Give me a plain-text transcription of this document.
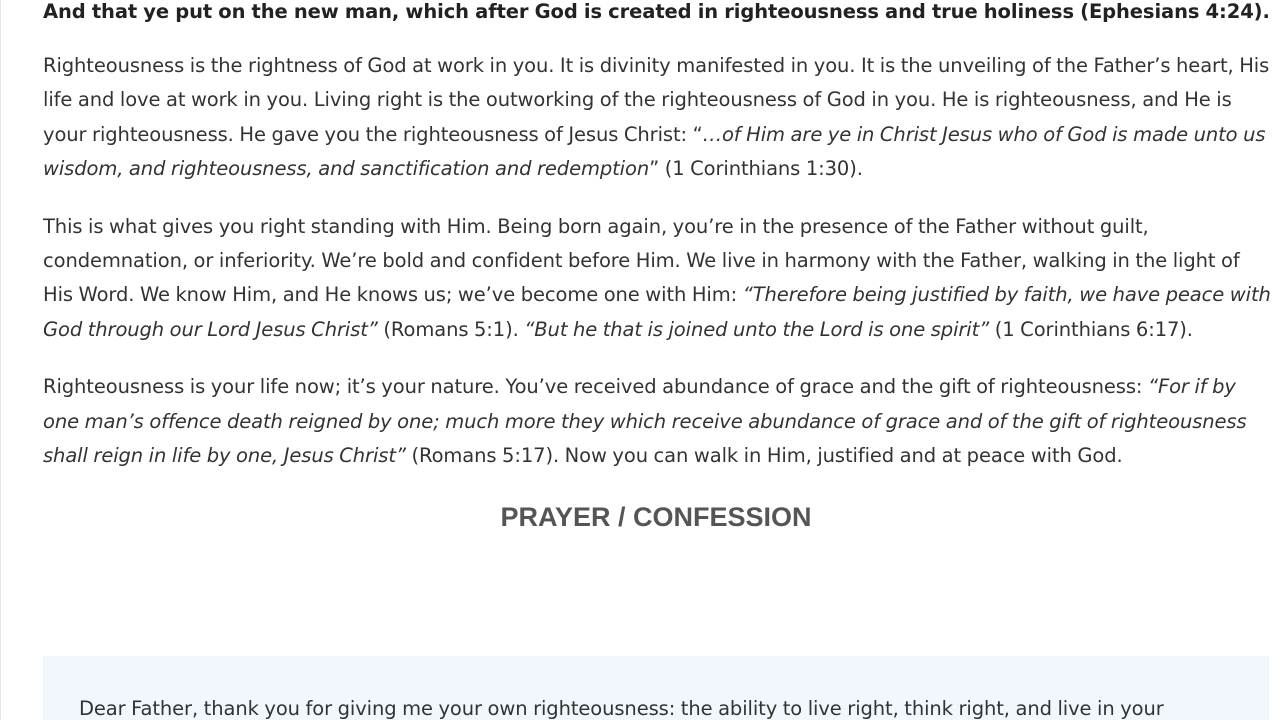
And that ye put on the new man, which after God is created in righteousness and true holiness (Ephesians 4:24).

Righteousness is the rightness of God at work in you. It is divinity manifested in you. It is the unveiling of the Father’s heart, His life and love at work in you. Living right is the outworking of the righteousness of God in you. He is righteousness, and He is your righteousness. He gave you the righteousness of Jesus Christ: “…of Him are ye in Christ Jesus who of God is made unto us wisdom, and righteousness, and sanctification and redemption” (1 Corinthians 1:30).

This is what gives you right standing with Him. Being born again, you’re in the presence of the Father without guilt, condemnation, or inferiority. We’re bold and confident before Him. We live in harmony with the Father, walking in the light of His Word. We know Him, and He knows us; we’ve become one with Him: “Therefore being justified by faith, we have peace with God through our Lord Jesus Christ” (Romans 5:1). “But he that is joined unto the Lord is one spirit” (1 Corinthians 6:17).

Righteousness is your life now; it’s your nature. You’ve received abundance of grace and the gift of righteousness: “For if by one man’s offence death reigned by one; much more they which receive abundance of grace and of the gift of righteousness shall reign in life by one, Jesus Christ” (Romans 5:17). Now you can walk in Him, justified and at peace with God.

PRAYER / CONFESSION

Dear Father, thank you for giving me your own righteousness: the ability to live right, think right, and live in your
